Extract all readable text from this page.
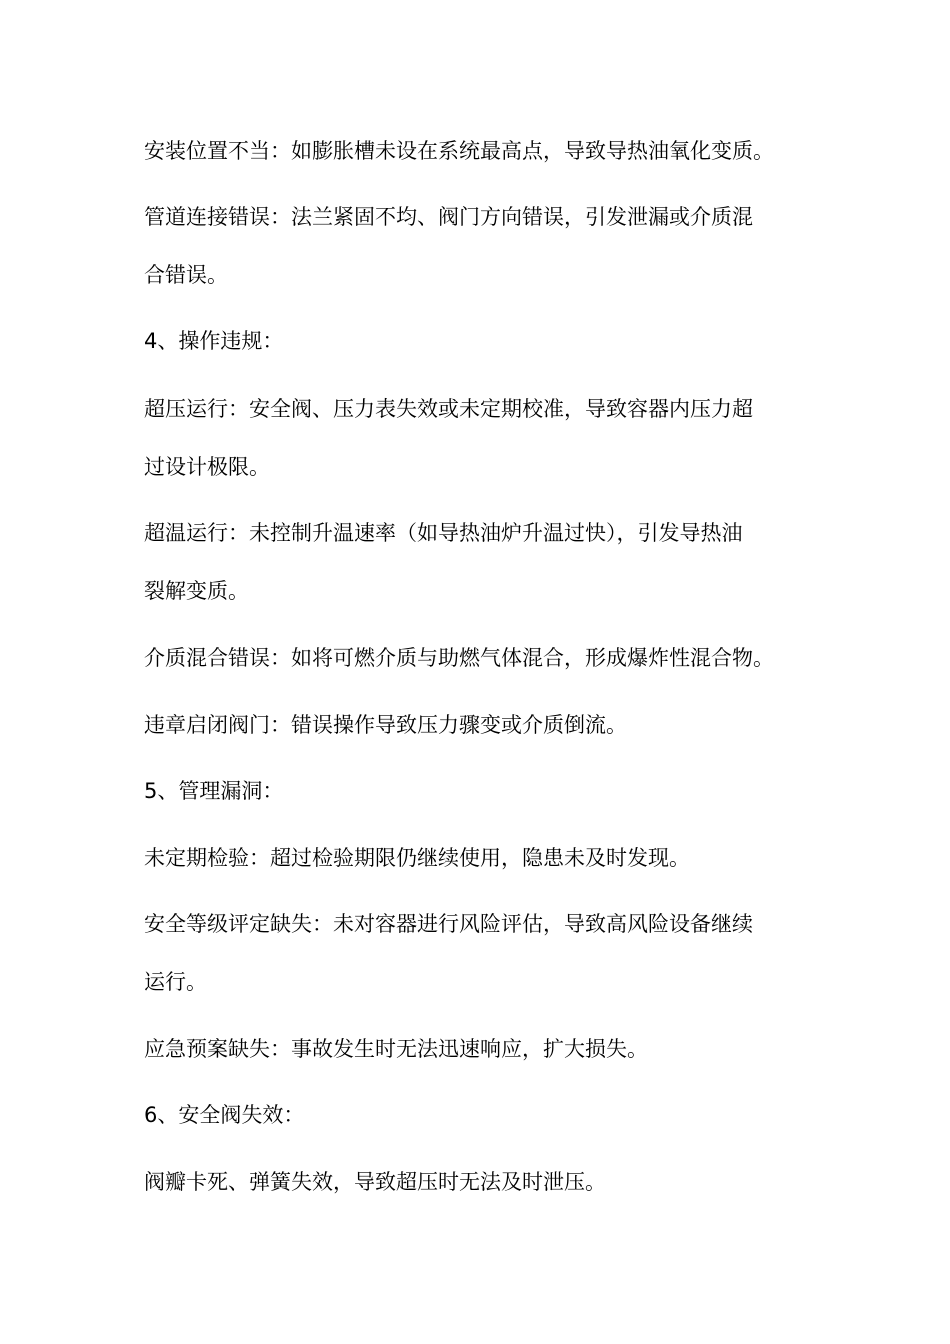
安装位置不当：如膨胀槽未设在系统最高点，导致导热油氧化变质。
管道连接错误：法兰紧固不均、阀门方向错误，引发泄漏或介质混
合错误。
4、操作违规：
超压运行：安全阀、压力表失效或未定期校准，导致容器内压力超
过设计极限。
超温运行：未控制升温速率（如导热油炉升温过快），引发导热油
裂解变质。
介质混合错误：如将可燃介质与助燃气体混合，形成爆炸性混合物。
违章启闭阀门：错误操作导致压力骤变或介质倒流。
5、管理漏洞：
未定期检验：超过检验期限仍继续使用，隐患未及时发现。
安全等级评定缺失：未对容器进行风险评估，导致高风险设备继续
运行。
应急预案缺失：事故发生时无法迅速响应，扩大损失。
6、安全阀失效：
阀瓣卡死、弹簧失效，导致超压时无法及时泄压。
